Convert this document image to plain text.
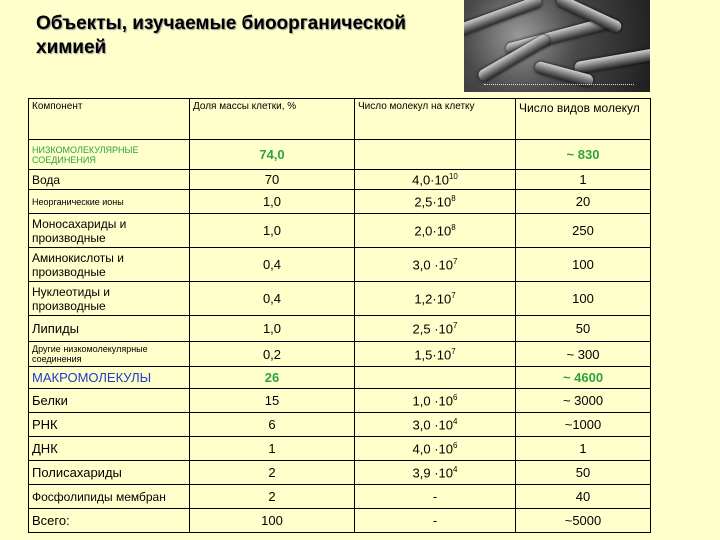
Объекты, изучаемые биоорганической химией
Компонент	Доля массы клетки, %	Число молекул на клетку	Число видов молекул
НИЗКОМОЛЕКУЛЯРНЫЕ СОЕДИНЕНИЯ	74,0		~ 830
Вода	70	$4,0\cdot 10^{10}$	1
Неорганические ионы	1,0	$2,5\cdot 10^8$	20
Моносахариды и производные	1,0	$2,0\cdot 10^8$	250
Аминокислоты и производные	0,4	$3,0 \cdot 10^7$	100
Нуклеотиды и производные	0,4	$1,2\cdot 10^7$	100
Липиды	1,0	$2,5 \cdot 10^7$	50
Другие низкомолекулярные соединения	0,2	$1,5\cdot 10^7$	~ 300
МАКРОМОЛЕКУЛЫ	26		~ 4600
Белки	15	$1,0 \cdot 10^6$	~ 3000
РНК	6	$3,0 \cdot 10^4$	~1000
ДНК	1	$4,0 \cdot 10^6$	1
Полисахариды	2	$3,9 \cdot 10^4$	50
Фосфолипиды мембран	2	-	40
Всего:	100	-	~5000
